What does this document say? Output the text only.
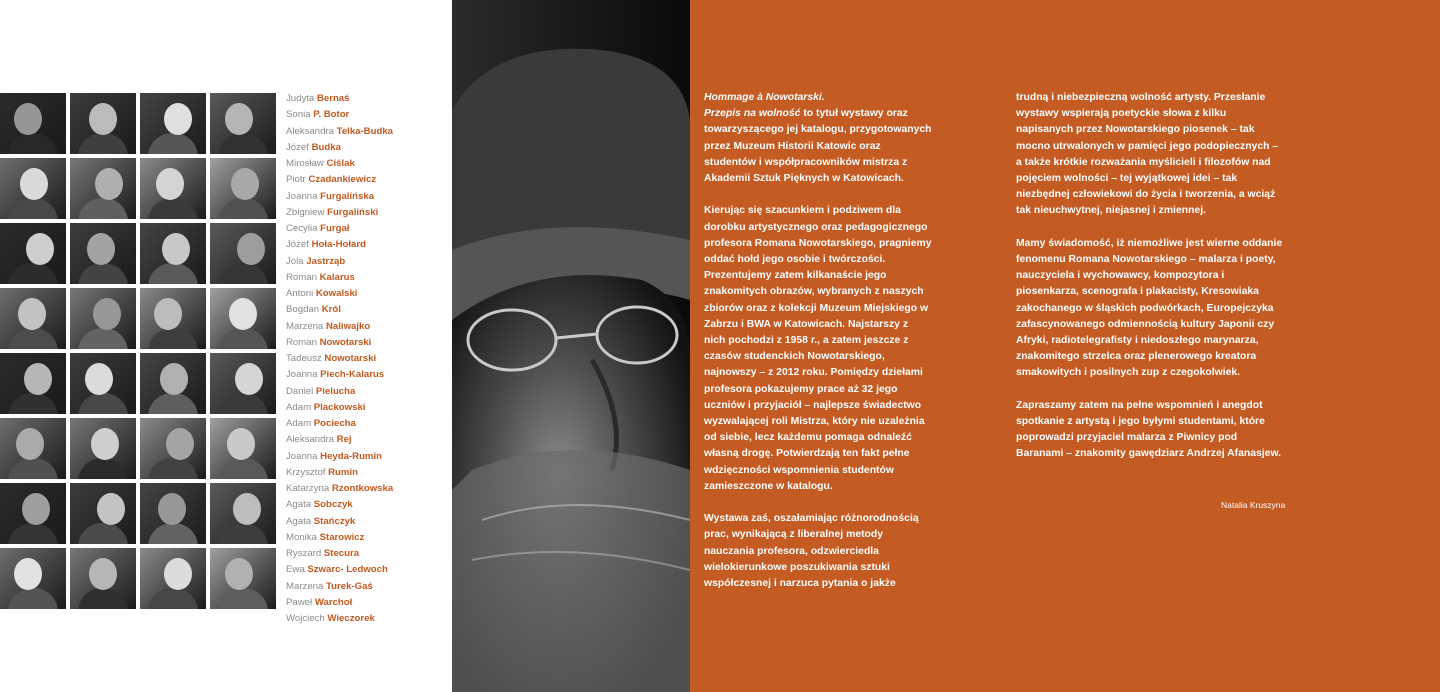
Judyta Bernaś
Sonia P. Botor
Aleksandra Telka-Budka
Józef Budka
Mirosław Ciślak
Piotr Czadankiewicz
Joanna Furgalińska
Zbigniew Furgaliński
Cecylia Furgał
Józef Hoła-Hołard
Jola Jastrząb
Roman Kalarus
Antoni Kowalski
Bogdan Król
Marzena Naliwajko
Roman Nowotarski
Tadeusz Nowotarski
Joanna Piech-Kalarus
Daniel Pielucha
Adam Plackowski
Adam Pociecha
Aleksandra Rej
Joanna Heyda-Rumin
Krzysztof Rumin
Katarzyna Rzontkowska
Agata Sobczyk
Agata Stańczyk
Monika Starowicz
Ryszard Stecura
Ewa Szwarc- Ledwoch
Marzena Turek-Gaś
Paweł Warchoł
Wojciech Wieczorek

Hommage à Nowotarski.
Przepis na wolność to tytuł wystawy oraz towarzyszącego jej katalogu, przygotowanych przez Muzeum Historii Katowic oraz studentów i współpracowników mistrza z Akademii Sztuk Pięknych w Katowicach.

Kierując się szacunkiem i podziwem dla dorobku artystycznego oraz pedagogicznego profesora Romana Nowotarskiego, pragniemy oddać hołd jego osobie i twórczości. Prezentujemy zatem kilkanaście jego znakomitych obrazów, wybranych z naszych zbiorów oraz z kolekcji Muzeum Miejskiego w Zabrzu i BWA w Katowicach. Najstarszy z nich pochodzi z 1958 r., a zatem jeszcze z czasów studenckich Nowotarskiego, najnowszy – z 2012 roku. Pomiędzy dziełami profesora pokazujemy prace aż 32 jego uczniów i przyjaciół – najlepsze świadectwo wyzwalającej roli Mistrza, który nie uzależnia od siebie, lecz każdemu pomaga odnaleźć własną drogę. Potwierdzają ten fakt pełne wdzięczności wspomnienia studentów zamieszczone w katalogu.

Wystawa zaś, oszałamiając różnorodnością prac, wynikającą z liberalnej metody nauczania profesora, odzwierciedla wielokierunkowe poszukiwania sztuki współczesnej i narzuca pytania o jakże

trudną i niebezpieczną wolność artysty. Przesłanie wystawy wspierają poetyckie słowa z kilku napisanych przez Nowotarskiego piosenek – tak mocno utrwalonych w pamięci jego podopiecznych – a także krótkie rozważania myślicieli i filozofów nad pojęciem wolności – tej wyjątkowej idei – tak niezbędnej człowiekowi do życia i tworzenia, a wciąż tak nieuchwytnej, niejasnej i zmiennej.

Mamy świadomość, iż niemożliwe jest wierne oddanie fenomenu Romana Nowotarskiego – malarza i poety, nauczyciela i wychowawcy, kompozytora i piosenkarza, scenografa i plakacisty, Kresowiaka zakochanego w śląskich podwórkach, Europejczyka zafascynowanego odmiennością kultury Japonii czy Afryki, radiotelegrafisty i niedoszłego marynarza, znakomitego strzelca oraz plenerowego kreatora smakowitych i posilnych zup z czegokolwiek.

Zapraszamy zatem na pełne wspomnień i anegdot spotkanie z artystą i jego byłymi studentami, które poprowadzi przyjaciel malarza z Piwnicy pod Baranami – znakomity gawędziarz Andrzej Afanasjew.

Natalia Kruszyna
